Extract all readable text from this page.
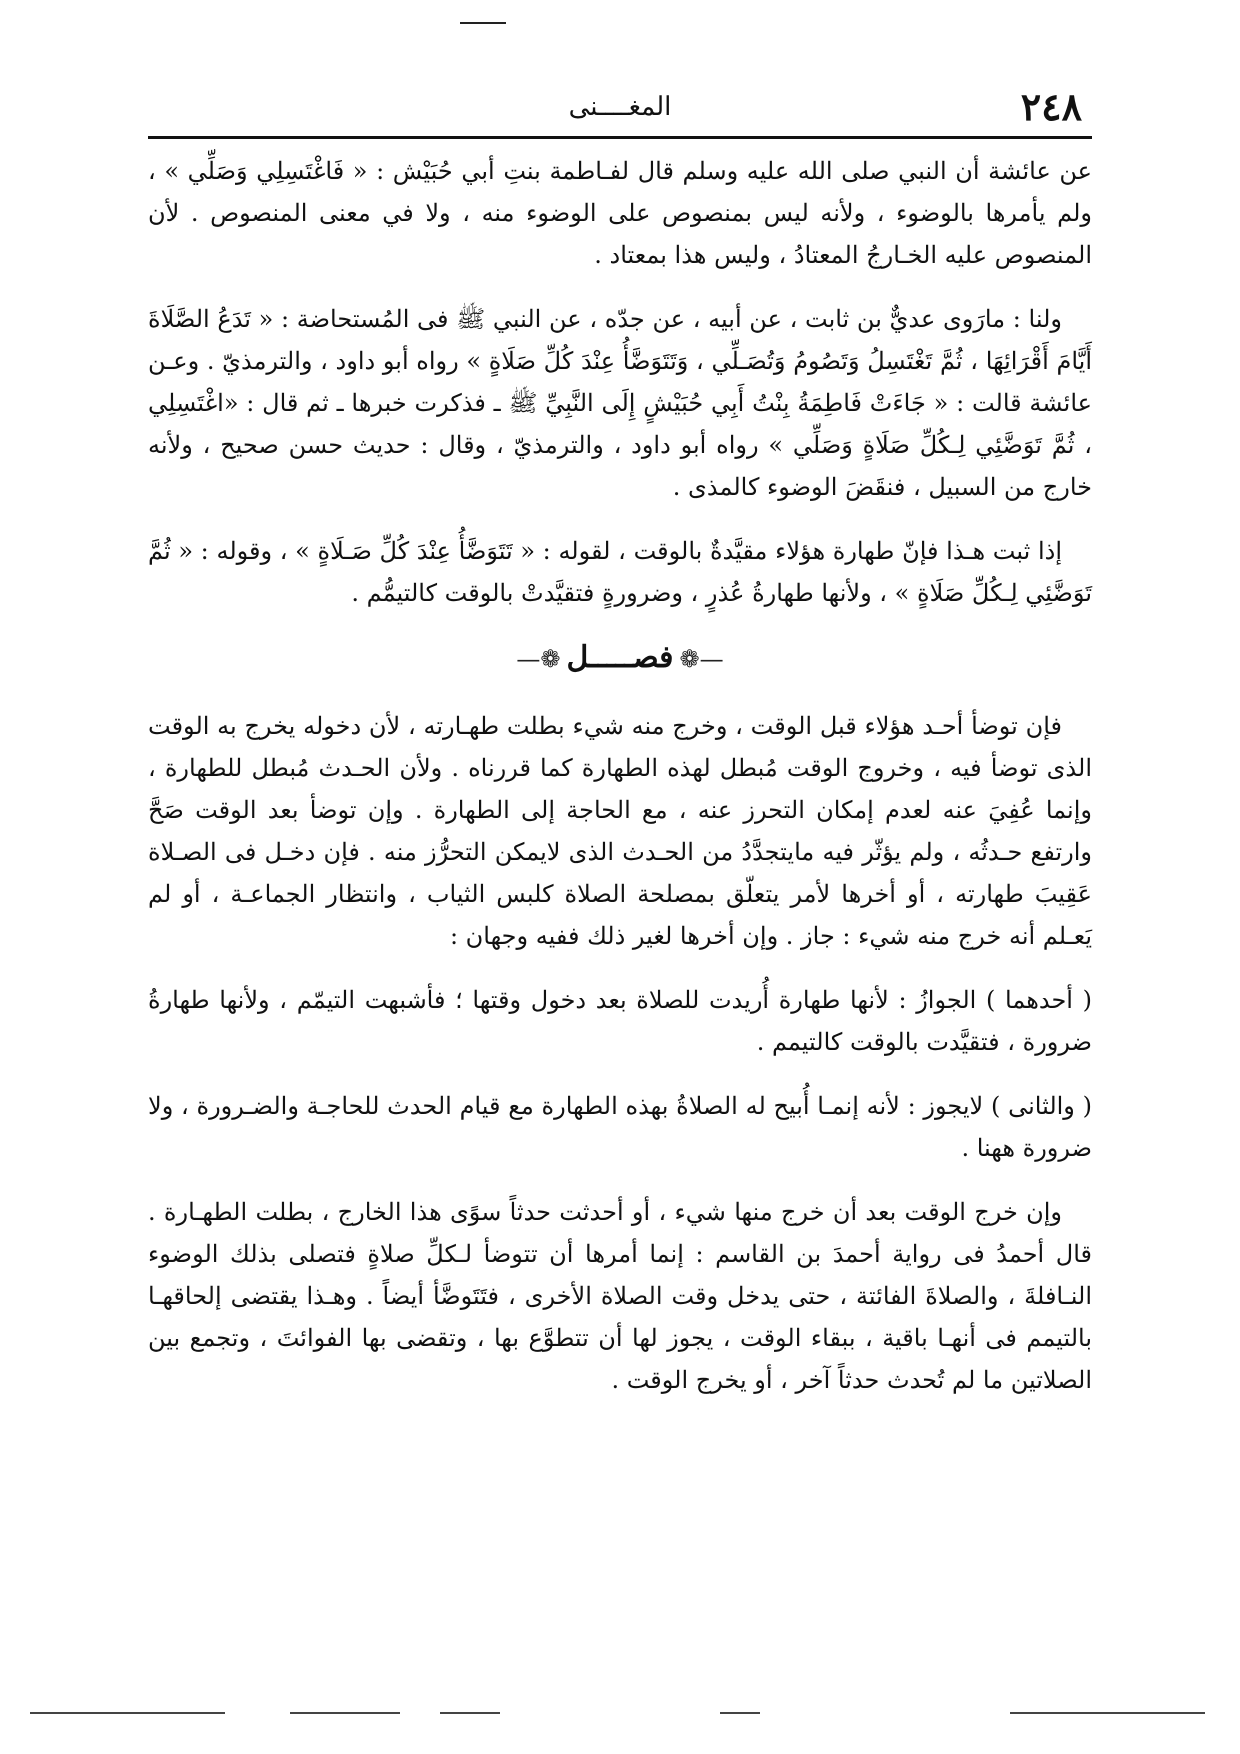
٢٤٨
المغــــنى

عن عائشة أن النبي صلى الله عليه وسلم قال لفـاطمة بنتِ أبي حُبَيْش : « فَاغْتَسِلِي وَصَلِّي » ، ولم يأمرها بالوضوء ، ولأنه ليس بمنصوص على الوضوء منه ، ولا في معنى المنصوص . لأن المنصوص عليه الخـارجُ المعتادُ ، وليس هذا بمعتاد .

ولنا : مارَوى عديٌّ بن ثابت ، عن أبيه ، عن جدّه ، عن النبي ﷺ فى المُستحاضة : « تَدَعُ الصَّلَاةَ أَيَّامَ أَقْرَائِهَا ، ثُمَّ تَغْتَسِلُ وَتَصُومُ وَتُصَـلِّي ، وَتَتَوَضَّأُ عِنْدَ كُلِّ صَلَاةٍ » رواه أبو داود ، والترمذيّ . وعـن عائشة قالت : « جَاءَتْ فَاطِمَةُ بِنْتُ أَبِي حُبَيْشٍ إِلَى النَّبِيِّ ﷺ ـ فذكرت خبرها ـ ثم قال : «اغْتَسِلِي ، ثُمَّ تَوَضَّئِي لِـكُلِّ صَلَاةٍ وَصَلِّي » رواه أبو داود ، والترمذيّ ، وقال : حديث حسن صحيح ، ولأنه خارج من السبيل ، فنقَضَ الوضوء كالمذى .

إذا ثبت هـذا فإنّ طهارة هؤلاء مقيَّدةٌ بالوقت ، لقوله : « تَتَوَضَّأُ عِنْدَ كُلِّ صَـلَاةٍ » ، وقوله : « ثُمَّ تَوَضَّئِي لِـكُلِّ صَلَاةٍ » ، ولأنها طهارةُ عُذرٍ ، وضرورةٍ فتقيَّدتْ بالوقت كالتيمُّم .

—❁فصـــــل❁—

فإن توضأ أحـد هؤلاء قبل الوقت ، وخرج منه شيء بطلت طهـارته ، لأن دخوله يخرج به الوقت الذى توضأ فيه ، وخروج الوقت مُبطل لهذه الطهارة كما قررناه . ولأن الحـدث مُبطل للطهارة ، وإنما عُفِيَ عنه لعدم إمكان التحرز عنه ، مع الحاجة إلى الطهارة . وإن توضأ بعد الوقت صَحَّ وارتفع حـدثُه ، ولم يؤثّر فيه مايتجدَّدُ من الحـدث الذى لايمكن التحرُّز منه . فإن دخـل فى الصـلاة عَقِيبَ طهارته ، أو أخرها لأمر يتعلّق بمصلحة الصلاة كلبس الثياب ، وانتظار الجماعـة ، أو لم يَعـلم أنه خرج منه شيء : جاز . وإن أخرها لغير ذلك ففيه وجهان :

( أحدهما ) الجوازُ : لأنها طهارة أُريدت للصلاة بعد دخول وقتها ؛ فأشبهت التيمّم ، ولأنها طهارةُ ضرورة ، فتقيَّدت بالوقت كالتيمم .

( والثانى ) لايجوز : لأنه إنمـا أُبيح له الصلاةُ بهذه الطهارة مع قيام الحدث للحاجـة والضـرورة ، ولا ضرورة ههنا .

وإن خرج الوقت بعد أن خرج منها شيء ، أو أحدثت حدثاً سوًى هذا الخارج ، بطلت الطهـارة . قال أحمدُ فى رواية أحمدَ بن القاسم : إنما أمرها أن تتوضأ لـكلِّ صلاةٍ فتصلى بذلك الوضوء النـافلةَ ، والصلاةَ الفائتة ، حتى يدخل وقت الصلاة الأخرى ، فتَتَوضَّأ أيضاً . وهـذا يقتضى إلحاقهـا بالتيمم فى أنهـا باقية ، ببقاء الوقت ، يجوز لها أن تتطوَّع بها ، وتقضى بها الفوائتَ ، وتجمع بين الصلاتين ما لم تُحدث حدثاً آخر ، أو يخرج الوقت .
